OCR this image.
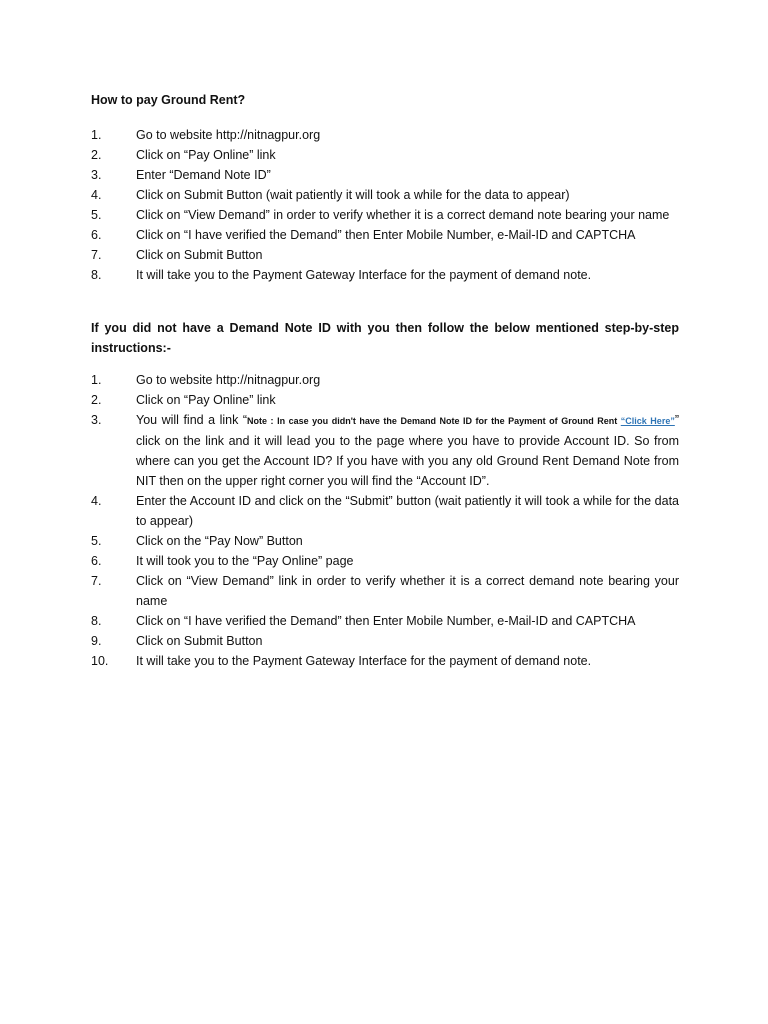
How to pay Ground Rent?
1.	Go to website http://nitnagpur.org
2.	Click on “Pay Online” link
3.	Enter “Demand Note ID”
4.	Click on Submit Button (wait patiently it will took a while for the data to appear)
5.	Click on “View Demand” in order to verify whether it is a correct demand note bearing your name
6.	Click on “I have verified the Demand” then Enter Mobile Number, e-Mail-ID and CAPTCHA
7.	Click on Submit Button
8.	It will take you to the Payment Gateway Interface for the payment of demand note.
If you did not have a Demand Note ID with you then follow the below mentioned step-by-step instructions:-
1.	Go to website http://nitnagpur.org
2.	Click on “Pay Online” link
3.	You will find a link “Note : In case you didn't have the Demand Note ID for the Payment of Ground Rent “Click Here”” click on the link and it will lead you to the page where you have to provide Account ID. So from where can you get the Account ID? If you have with you any old Ground Rent Demand Note from NIT then on the upper right corner you will find the “Account ID”.
4.	Enter the Account ID and click on the “Submit” button (wait patiently it will took a while for the data to appear)
5.	Click on the “Pay Now” Button
6.	It will took you to the “Pay Online” page
7.	Click on “View Demand” link in order to verify whether it is a correct demand note bearing your name
8.	Click on “I have verified the Demand” then Enter Mobile Number, e-Mail-ID and CAPTCHA
9.	Click on Submit Button
10.	It will take you to the Payment Gateway Interface for the payment of demand note.
